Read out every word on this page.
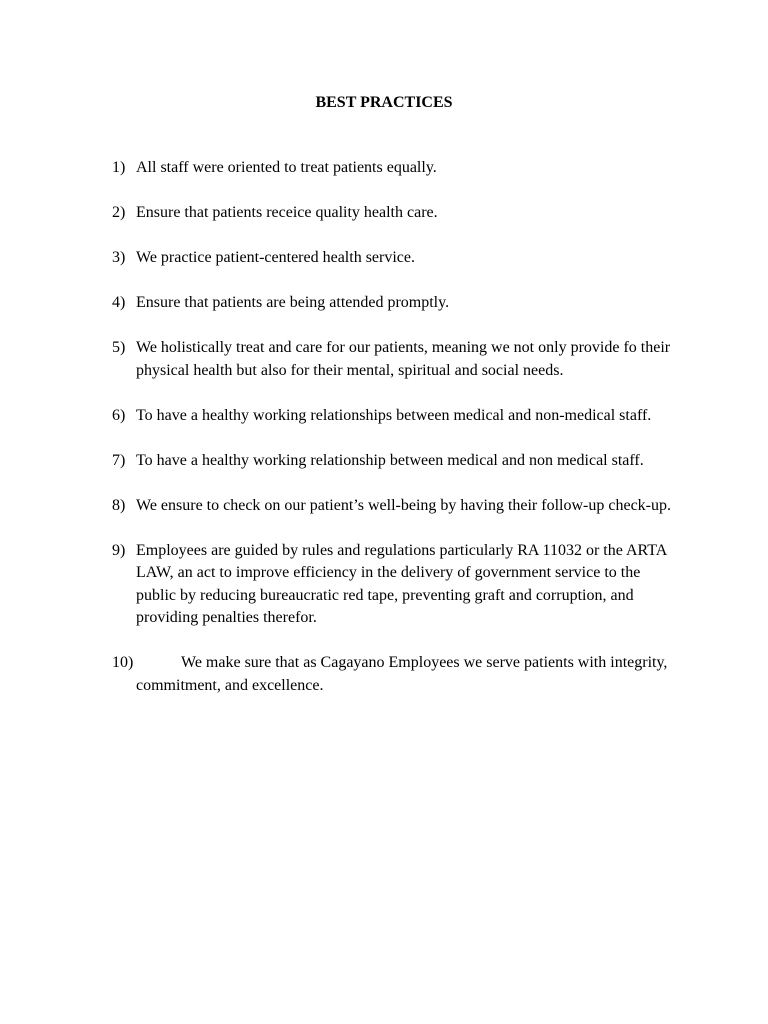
BEST PRACTICES
1) All staff were oriented to treat patients equally.
2) Ensure that patients receice quality health care.
3) We practice patient-centered health service.
4) Ensure that patients are being attended promptly.
5) We holistically treat and care for our patients, meaning we not only provide fo their physical health but also for their mental, spiritual and social needs.
6) To have a healthy working relationships between medical and non-medical staff.
7) To have a healthy working relationship between medical and non medical staff.
8) We ensure to check on our patient’s well-being by having their follow-up check-up.
9) Employees are guided by rules and regulations particularly RA 11032 or the ARTA LAW, an act to improve efficiency in the delivery of government service to the public by reducing bureaucratic red tape, preventing graft and corruption, and providing penalties therefor.
10)	We make sure that as Cagayano Employees we serve patients with integrity, commitment, and excellence.
